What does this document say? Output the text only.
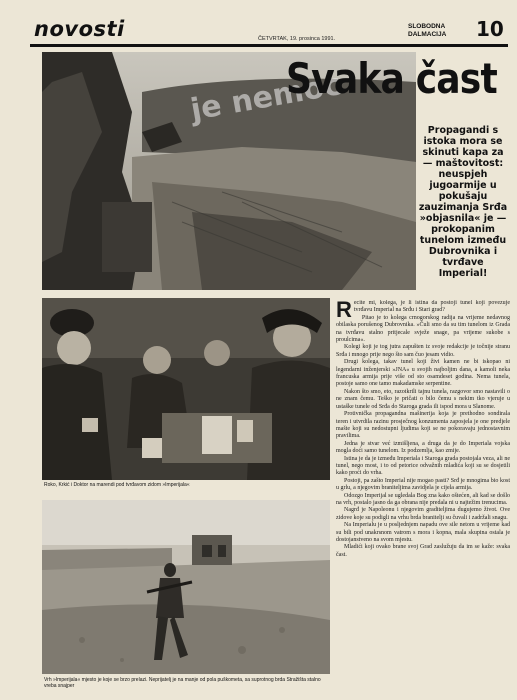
novosti	ČETVRTAK, 19. prosinca 1991.
SLOBODNA
DALMACIJA 10
je nemoc
Svaka čast
Propagandi s istoka mora se skinuti kapa za — maštovitost: neuspjeh jugoarmije u pokušaju zauzimanja Srđa »objasnila« je — prokopanim tunelom između Dubrovnika i tvrđave Imperial!
Roko, Krkić i Doktor na marendi pod tvrđavom zidom »Imperijala«
Vrh »Imperijala« mjesto je koje se brzo prelazi. Neprijatelj je na manje od pola puškometa, sa suprotnog brda Stražišta stalno vreba snajper

Recite mi, kolega, je li istina da postoji tunel koji povezuje tvrđavu Imperial na Srđu i Stari grad?

Pitao je to kolega crnogorskog radija na vrijeme nedavnog obilaska porušenog Dubrovnika. »Čuli smo da su tim tunelom iz Grada na tvrđavu stalno pritjecale svježe snage, pa vrijeme sukobe s proulcima«.

Kolegi koji je tog jutra zapušten iz svoje redakcije je točnije stranu Srđa i mnogo prije nego što sam čuo jesam vidio.

Drugi kolega, takav tunel koji živi kamen ne bi iskopao ni legendarni inženjerski »JNA« u svojih najboljim dana, a kamoli neka francuska armija prije više od sto osamdeset godina. Nema tunela, postoje samo one tamo makadamske serpentine.

Nakon što smo, eto, razotkrili tajnu tunela, razgovor smo nastavili o ne znam čemu. Teško je pričati o bilo čemu s nekim tko vjeruje u ustaške tunele od Srđa do Staroga grada ili ispod mora u Slanome.

Protivnička propagandna mašinerija koja je prethodno sondirala teren i utvrdila razinu prosječnog konzumenta zaposjela je one predjele mašte koji su nedostupni ljudima koji se ne pokoravaju jednostavnim pravilima.

Jedna je stvar već izmišljena, a druga da je do Imperiala vojska mogla doći samo tunelom. Iz podzemlja, kao zmije.

Istina je da je između Imperiala i Staroga grada postojala veza, ali ne tunel, nego most, i to od petorice odvažnih mladića koji su se dosjetili kako proći do vrha.

Postoji, pa zašto Imperial nije mogao pasti? Srđ je mnogima bio kost u grlu, a njegovim braniteljima zavidjela je cijela armija.

Odozgo Imperijal se ugledala Bog zna kako oštećen, ali kad se došlo na vrh, postalo jasno da ga obrana nije predala ni u najtežim trenucima.

Nagrđ je Napoleonu i njegovim graditeljima dugujemo život. Ove zidove koje su podigli na vrhu brda branitelji su čuvali i zadržali snagu.

Na Imperialu je u posljednjem napadu ove sile netom u vrijeme kad su bili pod unakrsnom vatrom s mora i kopna, mala skupina ostala je dostojanstveno na svom mjestu.

Mladići koji ovako brane svoj Grad zaslužuju da im se kaže: svaka čast.
